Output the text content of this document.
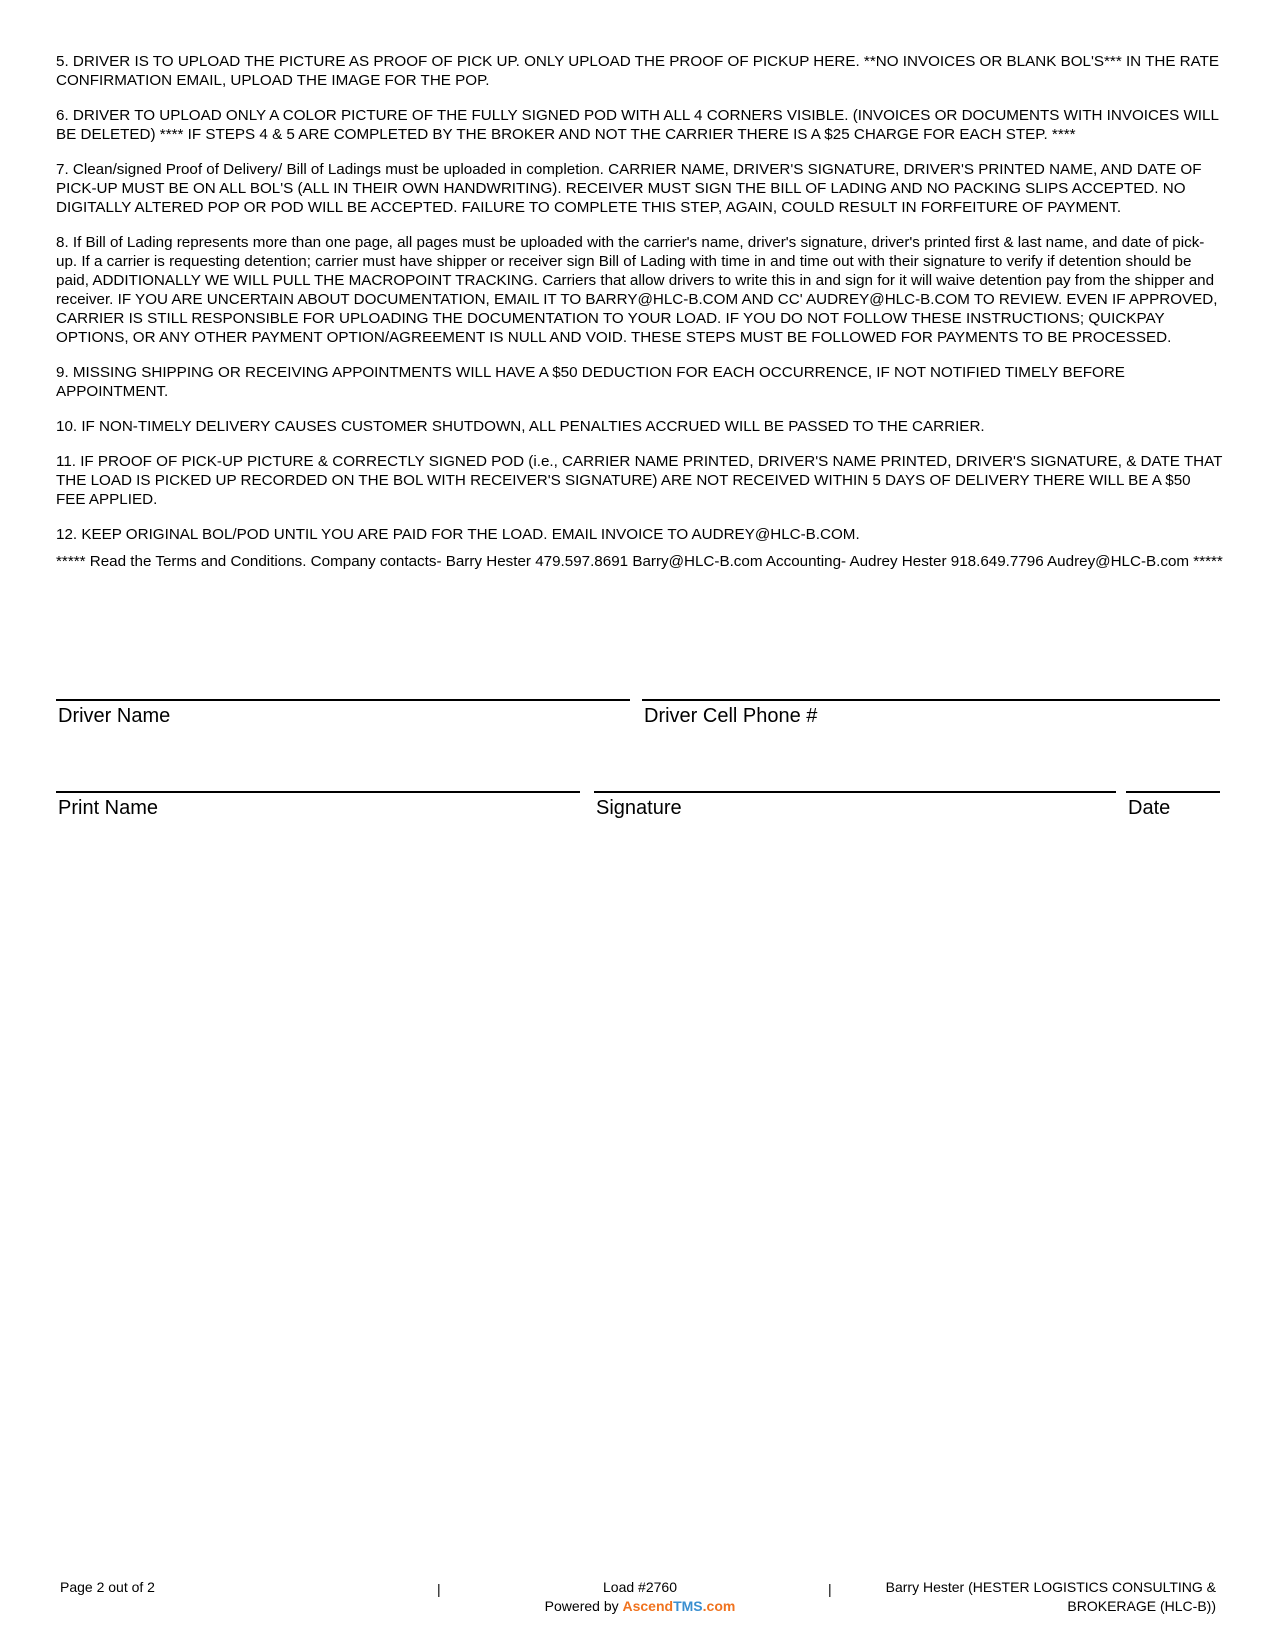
5. DRIVER IS TO UPLOAD THE PICTURE AS PROOF OF PICK UP. ONLY UPLOAD THE PROOF OF PICKUP HERE. **NO INVOICES OR BLANK BOL'S*** IN THE RATE CONFIRMATION EMAIL, UPLOAD THE IMAGE FOR THE POP.

6. DRIVER TO UPLOAD ONLY A COLOR PICTURE OF THE FULLY SIGNED POD WITH ALL 4 CORNERS VISIBLE. (INVOICES OR DOCUMENTS WITH INVOICES WILL BE DELETED) **** IF STEPS 4 & 5 ARE COMPLETED BY THE BROKER AND NOT THE CARRIER THERE IS A $25 CHARGE FOR EACH STEP. ****

7. Clean/signed Proof of Delivery/ Bill of Ladings must be uploaded in completion. CARRIER NAME, DRIVER'S SIGNATURE, DRIVER'S PRINTED NAME, AND DATE OF PICK-UP MUST BE ON ALL BOL'S (ALL IN THEIR OWN HANDWRITING). RECEIVER MUST SIGN THE BILL OF LADING AND NO PACKING SLIPS ACCEPTED. NO DIGITALLY ALTERED POP OR POD WILL BE ACCEPTED. FAILURE TO COMPLETE THIS STEP, AGAIN, COULD RESULT IN FORFEITURE OF PAYMENT.

8. If Bill of Lading represents more than one page, all pages must be uploaded with the carrier's name, driver's signature, driver's printed first & last name, and date of pick-up. If a carrier is requesting detention; carrier must have shipper or receiver sign Bill of Lading with time in and time out with their signature to verify if detention should be paid, ADDITIONALLY WE WILL PULL THE MACROPOINT TRACKING. Carriers that allow drivers to write this in and sign for it will waive detention pay from the shipper and receiver. IF YOU ARE UNCERTAIN ABOUT DOCUMENTATION, EMAIL IT TO BARRY@HLC-B.COM AND CC' AUDREY@HLC-B.COM TO REVIEW. EVEN IF APPROVED, CARRIER IS STILL RESPONSIBLE FOR UPLOADING THE DOCUMENTATION TO YOUR LOAD. IF YOU DO NOT FOLLOW THESE INSTRUCTIONS; QUICKPAY OPTIONS, OR ANY OTHER PAYMENT OPTION/AGREEMENT IS NULL AND VOID. THESE STEPS MUST BE FOLLOWED FOR PAYMENTS TO BE PROCESSED.

9. MISSING SHIPPING OR RECEIVING APPOINTMENTS WILL HAVE A $50 DEDUCTION FOR EACH OCCURRENCE, IF NOT NOTIFIED TIMELY BEFORE APPOINTMENT.

10. IF NON-TIMELY DELIVERY CAUSES CUSTOMER SHUTDOWN, ALL PENALTIES ACCRUED WILL BE PASSED TO THE CARRIER.

11. IF PROOF OF PICK-UP PICTURE & CORRECTLY SIGNED POD (i.e., CARRIER NAME PRINTED, DRIVER'S NAME PRINTED, DRIVER'S SIGNATURE, & DATE THAT THE LOAD IS PICKED UP RECORDED ON THE BOL WITH RECEIVER'S SIGNATURE) ARE NOT RECEIVED WITHIN 5 DAYS OF DELIVERY THERE WILL BE A $50 FEE APPLIED.

12. KEEP ORIGINAL BOL/POD UNTIL YOU ARE PAID FOR THE LOAD. EMAIL INVOICE TO AUDREY@HLC-B.COM.

***** Read the Terms and Conditions. Company contacts- Barry Hester 479.597.8691 Barry@HLC-B.com Accounting- Audrey Hester 918.649.7796 Audrey@HLC-B.com *****

Driver Name	Driver Cell Phone #
Print Name	Signature	Date
Page 2 out of 2	|	Load #2760
Powered by AscendTMS.com
|	Barry Hester (HESTER LOGISTICS CONSULTING &
BROKERAGE (HLC-B))
